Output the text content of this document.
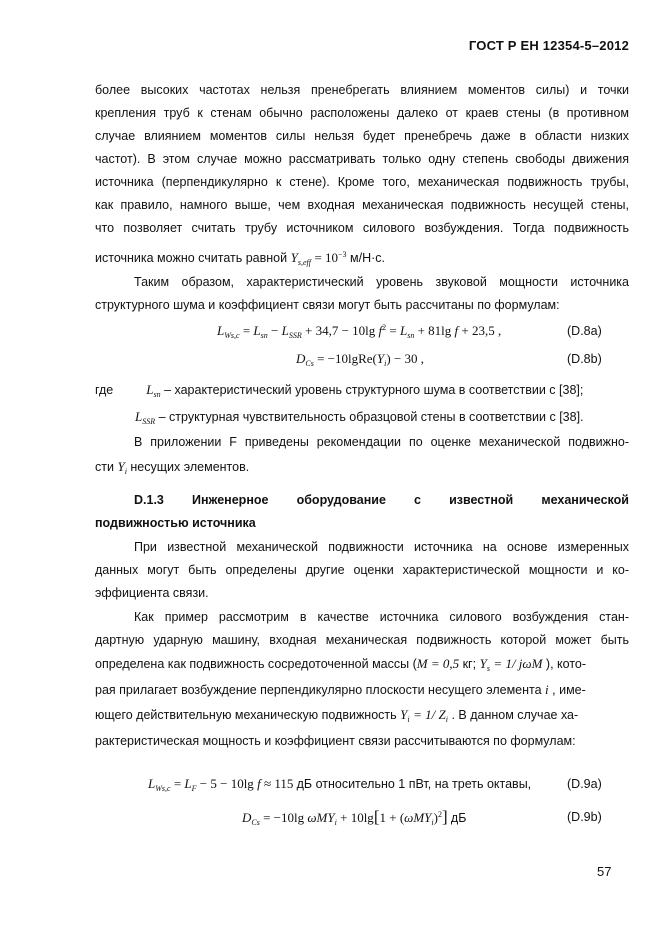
ГОСТ Р ЕН 12354-5–2012
более высоких частотах нельзя пренебрегать влиянием моментов силы) и точки
крепления труб к стенам обычно расположены далеко от краев стены (в противном
случае влиянием моментов силы нельзя будет пренебречь даже в области низких
частот). В этом случае можно рассматривать только одну степень свободы движения
источника (перпендикулярно к стене). Кроме того, механическая подвижность трубы,
как правило, намного выше, чем входная механическая подвижность несущей стены,
что позволяет считать трубу источником силового возбуждения. Тогда подвижность
источника можно считать равной $Y_{s,eff} = 10^{-3}$ м/Н·с.
Таким образом, характеристический уровень звуковой мощности источника
структурного шума и коэффициент связи могут быть рассчитаны по формулам:
$L_{Ws,c} = L_{sn} - L_{SSR} + 34,7 - 10\lg$ $f^2 = L_{sn} + 81\lg$ f + 23,5 ,	(D.8a)
$D_{Cs}$ = $-10lgRe(Y_i) - 30$ ,	(D.8b)
где	$L_{sn}$ – характеристический уровень структурного шума в соответствии с [38];
$L_{SSR}$ – структурная чувствительность образцовой стены в соответствии с [38].
В приложении F приведены рекомендации по оценке механической подвижно-
сти $Y_i$ несущих элементов.
D.1.3 Инженерное оборудование с известной механической
подвижностью источника
При известной механической подвижности источника на основе измеренных
данных могут быть определены другие оценки характеристической мощности и ко-
эффициента связи.
Как пример рассмотрим в качестве источника силового возбуждения стан-
дартную ударную машину, входная механическая подвижность которой может быть
определена как подвижность сосредоточенной массы (M = 0,5 кг; $Y_s = 1/$ jωM ), кото-
рая прилагает возбуждение перпендикулярно плоскости несущего элемента i , име-
ющего действительную механическую подвижность $Y_i = 1/$ $Z_i$ . В данном случае ха-
рактеристическая мощность и коэффициент связи рассчитываются по формулам:
$L_{Ws,c} = L_F - 5 - 10\lg$ f ≈ 115 дБ относительно 1 пВт, на треть октавы,	(D.9a)
$D_{Cs} = -10\lg$ $\omega MY_i + 10\lg[1 + (\omega MY_i)^2]$ дБ	(D.9b)
57
